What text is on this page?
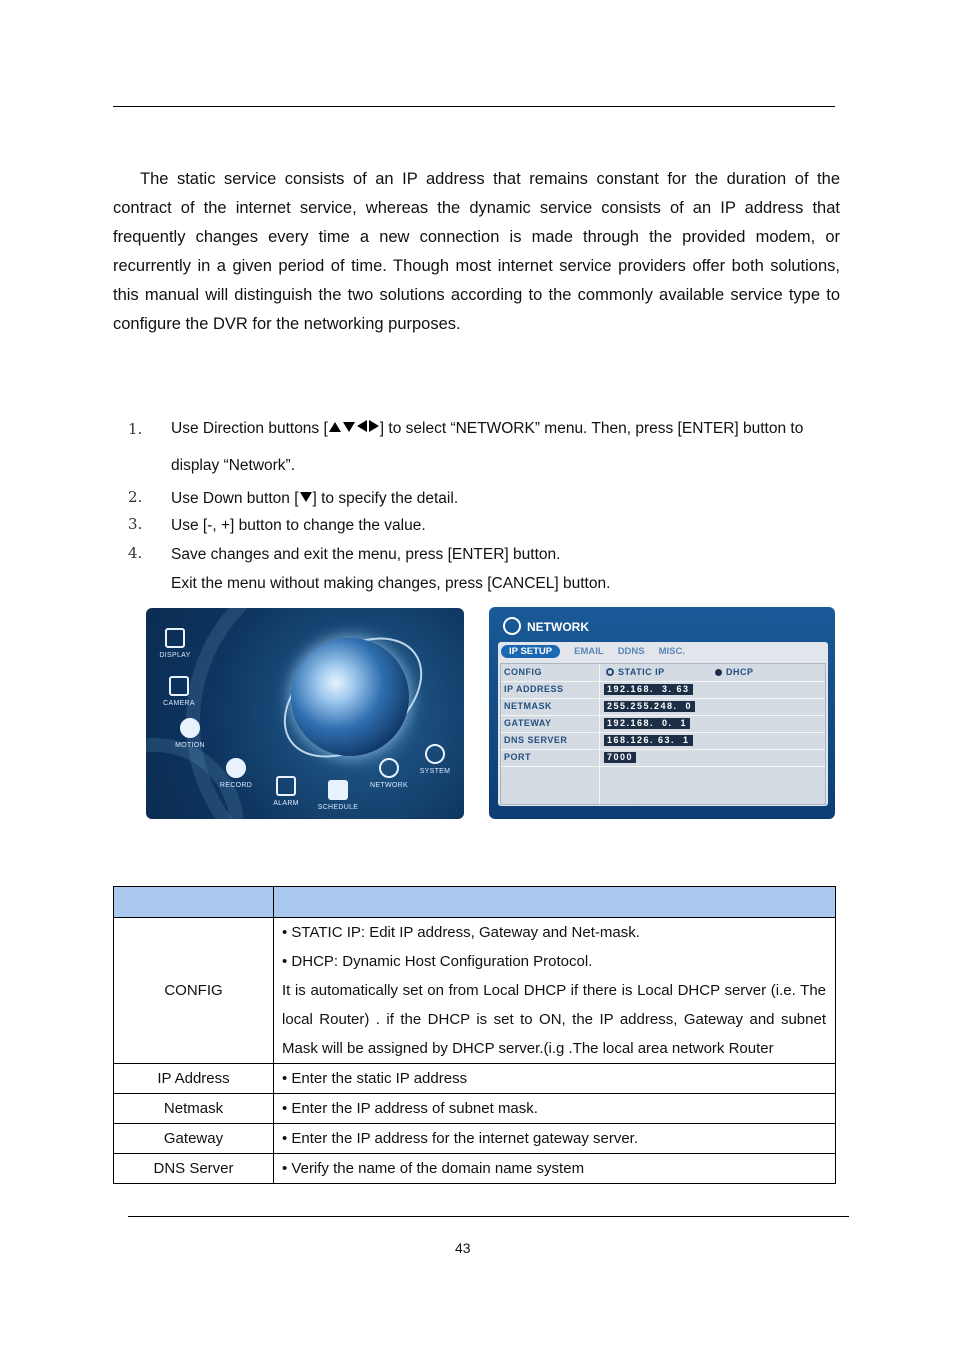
The static service consists of an IP address that remains constant for the duration of the contract of the internet service, whereas the dynamic service consists of an IP address that frequently changes every time a new connection is made through the provided modem, or recurrently in a given period of time. Though most internet service providers offer both solutions, this manual will distinguish the two solutions according to the commonly available service type to configure the DVR for the networking purposes.

1. Use Direction buttons [	] to select “NETWORK” menu. Then, press [ENTER] button to display “Network”.
2. Use Down button [ ] to specify the detail.
3. Use [-, +] button to change the value.
4. Save changes and exit the menu, press [ENTER] button.
Exit the menu without making changes, press [CANCEL] button.
DISPLAY
CAMERA
MOTION
RECORD
ALARM
SCHEDULE
NETWORK
SYSTEM
NETWORK
IP SETUP EMAIL DDNS MISC.
CONFIG	STATIC IP	DHCP
IP ADDRESS	192.168.  3. 63
NETMASK	255.255.248.  0
GATEWAY	192.168.  0.  1
DNS SERVER	168.126. 63.  1
PORT	7000

CONFIG	• STATIC IP: Edit IP address, Gateway and Net-mask.
• DHCP: Dynamic Host Configuration Protocol.
It is automatically set on from Local DHCP if there is Local DHCP server (i.e. The local Router) . if the DHCP is set to ON, the IP address, Gateway and subnet Mask will be assigned by DHCP server.(i.g .The local area network Router

IP Address	• Enter the static IP address
Netmask	• Enter the IP address of subnet mask.
Gateway	• Enter the IP address for the internet gateway server.
DNS Server	• Verify the name of the domain name system
43
